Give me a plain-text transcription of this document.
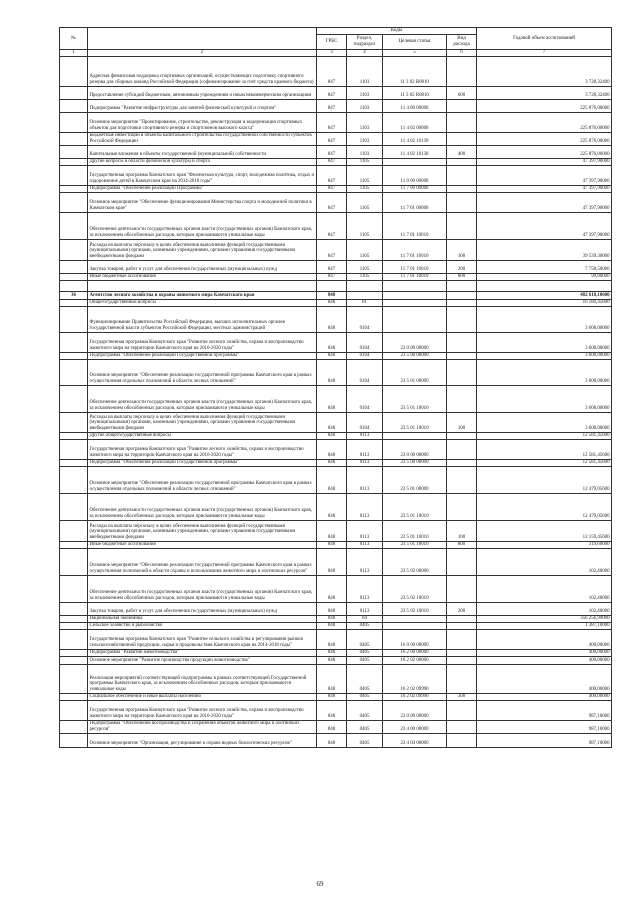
№		Коды				Годовой объем ассигнований
		ГРБС	Раздел, подраздел	Целевая статья	Вид расхода	
1	2	3	4	5	6	7
	Адресная финансовая поддержка спортивных организаций, осуществляющих подготовку спортивного резерва для сборных команд Российской Федерации (софинансирование за счет средств краевого бюджета)	847	1103	11 3 02 R0810		3 728,32400
	Предоставление субсидий бюджетным, автономным учреждениям и иным некоммерческим организациям	847	1103	11 3 02 R0810	600	3 728,32400
	Подпрограмма "Развитие инфраструктуры для занятий физической культурой и спортом"	847	1103	11 4 00 00000		225 876,00000
	Основное мероприятие "Проектирование, строительство, реконструкция и модернизация спортивных объектов для подготовки спортивного резерва и спортсменов высокого класса"	847	1103	11 4 02 00000		225 876,00000
	Бюджетные инвестиции в объекты капитального строительства государственной собственности субъектов Российской Федерации	847	1103	11 4 02 10130		225 876,00000
	Капитальные вложения в объекты государственной (муниципальной) собственности	847	1103	11 4 02 10130	400	225 876,00000
	Другие вопросы в области физической культуры и спорта	847	1105			47 397,90000
	Государственная программа Камчатского края "Физическая культура, спорт, молодежная политика, отдых и оздоровление детей в Камчатском крае на 2014-2018 годы"	847	1105	11 0 00 00000		47 397,90000
	Подпрограмма "Обеспечение реализации Программы"	847	1105	11 7 00 00000		47 397,90000
	Основное мероприятие "Обеспечение функционирования Министерства спорта и молодежной политики в Камчатском крае"	847	1105	11 7 01 00000		47 397,90000
	Обеспечение деятельности государственных органов власти (государственных органов) Камчатского края, за исключением обособленных расходов, которым присваиваются уникальные коды	847	1105	11 7 01 10010		47 397,90000
	Расходы на выплаты персоналу в целях обеспечения выполнения функций государственными (муниципальными) органами, казенными учреждениями, органами управления государственными внебюджетными фондами	847	1105	11 7 01 10010	100	39 539,30000
	Закупка товаров, работ и услуг для обеспечения государственных (муниципальных) нужд	847	1105	11 7 01 10010	200	7 758,50000
	Иные бюджетные ассигнования	847	1105	11 7 01 10010	800	99,90000

36	Агентство лесного хозяйства и охраны животного мира Камчатского края	848				482 618,10600
	Общегосударственные вопросы	848	01			16 189,45600
	Функционирование Правительства Российской Федерации, высших исполнительных органов государственной власти субъектов Российской Федерации, местных администраций	848	0104			3 608,00000
	Государственная программа Камчатского края "Развитие лесного хозяйства, охрана и воспроизводство животного мира на территории Камчатского края на 2016-2020 годы"	848	0104	23 0 00 00000		3 608,00000
	Подпрограмма "Обеспечение реализации Государственной программы"	848	0104	23 5 00 00000		3 608,00000
	Основное мероприятие "Обеспечение реализации государственной программы Камчатского края в рамках осуществления отдельных полномочий в области лесных отношений"	848	0104	23 5 01 00000		3 608,00000
	Обеспечение деятельности государственных органов власти (государственных органов) Камчатского края, за исключением обособленных расходов, которым присваиваются уникальные коды	848	0104	23 5 01 10010		3 608,00000
	Расходы на выплаты персоналу в целях обеспечения выполнения функций государственными (муниципальными) органами, казенными учреждениями, органами управления государственными внебюджетными фондами	848	0104	23 5 01 10010	100	3 608,00000
	Другие общегосударственные вопросы	848	0113			12 581,45600
	Государственная программа Камчатского края "Развитие лесного хозяйства, охрана и воспроизводство животного мира на территории Камчатского края на 2016-2020 годы"	848	0113	23 0 00 00000		12 581,45600
	Подпрограмма "Обеспечение реализации Государственной программы"	848	0113	23 5 00 00000		12 581,45600
	Основное мероприятие "Обеспечение реализации государственной программы Камчатского края в рамках осуществления отдельных полномочий в области лесных отношений"	848	0113	23 5 01 00000		12 479,05600
	Обеспечение деятельности государственных органов власти (государственных органов) Камчатского края, за исключением обособленных расходов, которым присваиваются уникальные коды	848	0113	23 5 01 10010		12 479,05600
	Расходы на выплаты персоналу в целях обеспечения выполнения функций государственными (муниципальными) органами, казенными учреждениями, органами управления государственными внебюджетными фондами	848	0113	23 5 01 10010	100	12 159,45600
	Иные бюджетные ассигнования	848	0113	23 5 01 10010	800	319,60000
	Основное мероприятие "Обеспечение реализации государственной программы Камчатского края в рамках осуществления полномочий в области охраны и использования животного мира и охотничьих ресурсов"	848	0113	23 5 02 00000		102,40000
	Обеспечение деятельности государственных органов власти (государственных органов) Камчатского края, за исключением обособленных расходов, которым присваиваются уникальные коды	848	0113	23 5 02 10010		102,40000
	Закупка товаров, работ и услуг для обеспечения государственных (муниципальных) нужд	848	0113	23 5 02 10010	200	102,40000
	Национальная экономика	848	04			356 256,99000
	Сельское хозяйство и рыболовство	848	0405			1 387,10000
	Государственная программа Камчатского края "Развитие сельского хозяйства и регулирования рынков сельскохозяйственной продукции, сырья и продовольствия Камчатского края на 2014-2018 годы"	848	0405	16 0 00 00000		400,00000
	Подпрограмма "Развитие животноводства"	848	0405	16 2 00 00000		400,00000
	Основное мероприятие "Развитие производства продукции животноводства"	848	0405	16 2 02 00000		400,00000
	Реализация мероприятий соответствующей подпрограммы в рамках соответствующей Государственной программы Камчатского края, за исключением обособленных расходов, которым присваиваются уникальные коды	848	0405	16 2 02 09990		400,00000
	Социальное обеспечение и иные выплаты населению	848	0405	16 2 02 09990	300	400,00000
	Государственная программа Камчатского края "Развитие лесного хозяйства, охрана и воспроизводство животного мира на территории Камчатского края на 2016-2020 годы"	848	0405	23 0 00 00000		987,10000
	Подпрограмма "Обеспечение воспроизводства и сохранения объектов животного мира и охотничьих ресурсов"	848	0405	23 4 00 00000		987,10000
	Основное мероприятие "Организация, регулирование и охрана водных биологических ресурсов"	848	0405	23 4 04 00000		987,10000
69
